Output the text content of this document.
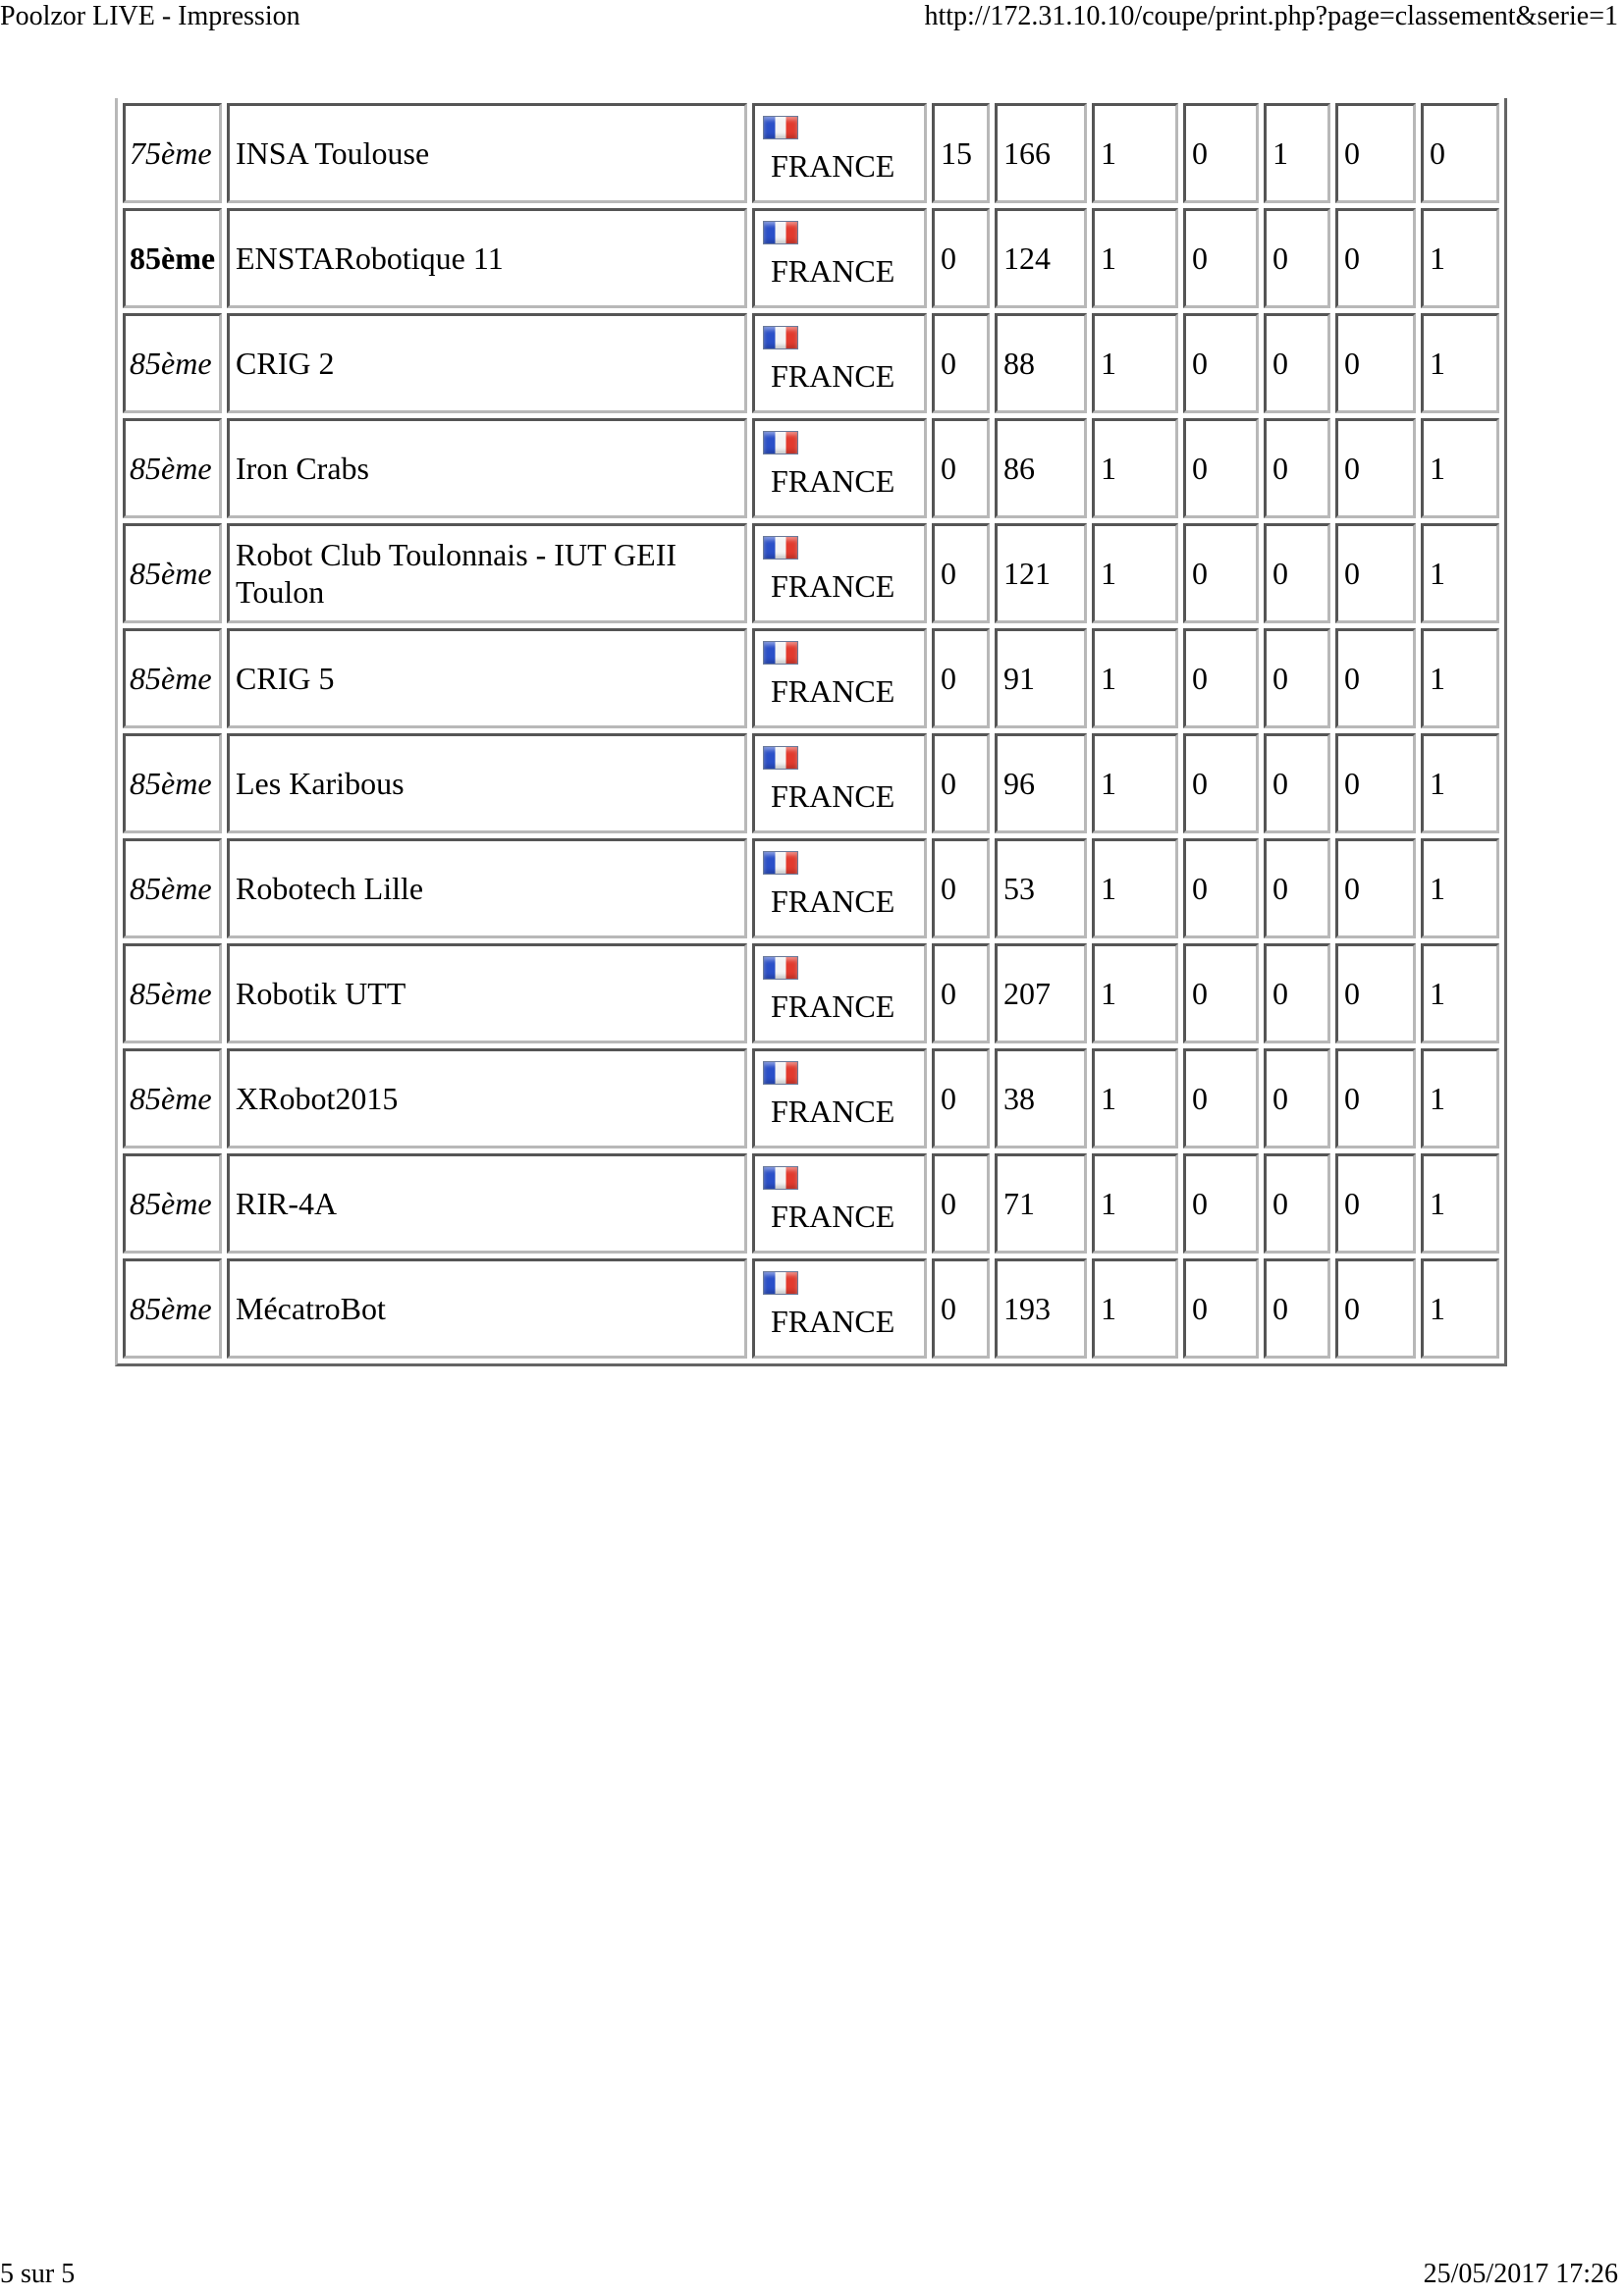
Poolzor LIVE - Impression	http://172.31.10.10/coupe/print.php?page=classement&serie=1
75ème	INSA Toulouse	FRANCE	15	166	1	0	1	0	0
85ème	ENSTARobotique 11	FRANCE	0	124	1	0	0	0	1
85ème	CRIG 2	FRANCE	0	88	1	0	0	0	1
85ème	Iron Crabs	FRANCE	0	86	1	0	0	0	1
85ème	Robot Club Toulonnais - IUT GEII Toulon	FRANCE	0	121	1	0	0	0	1
85ème	CRIG 5	FRANCE	0	91	1	0	0	0	1
85ème	Les Karibous	FRANCE	0	96	1	0	0	0	1
85ème	Robotech Lille	FRANCE	0	53	1	0	0	0	1
85ème	Robotik UTT	FRANCE	0	207	1	0	0	0	1
85ème	XRobot2015	FRANCE	0	38	1	0	0	0	1
85ème	RIR-4A	FRANCE	0	71	1	0	0	0	1
85ème	MécatroBot	FRANCE	0	193	1	0	0	0	1
5 sur 5	25/05/2017 17:26
